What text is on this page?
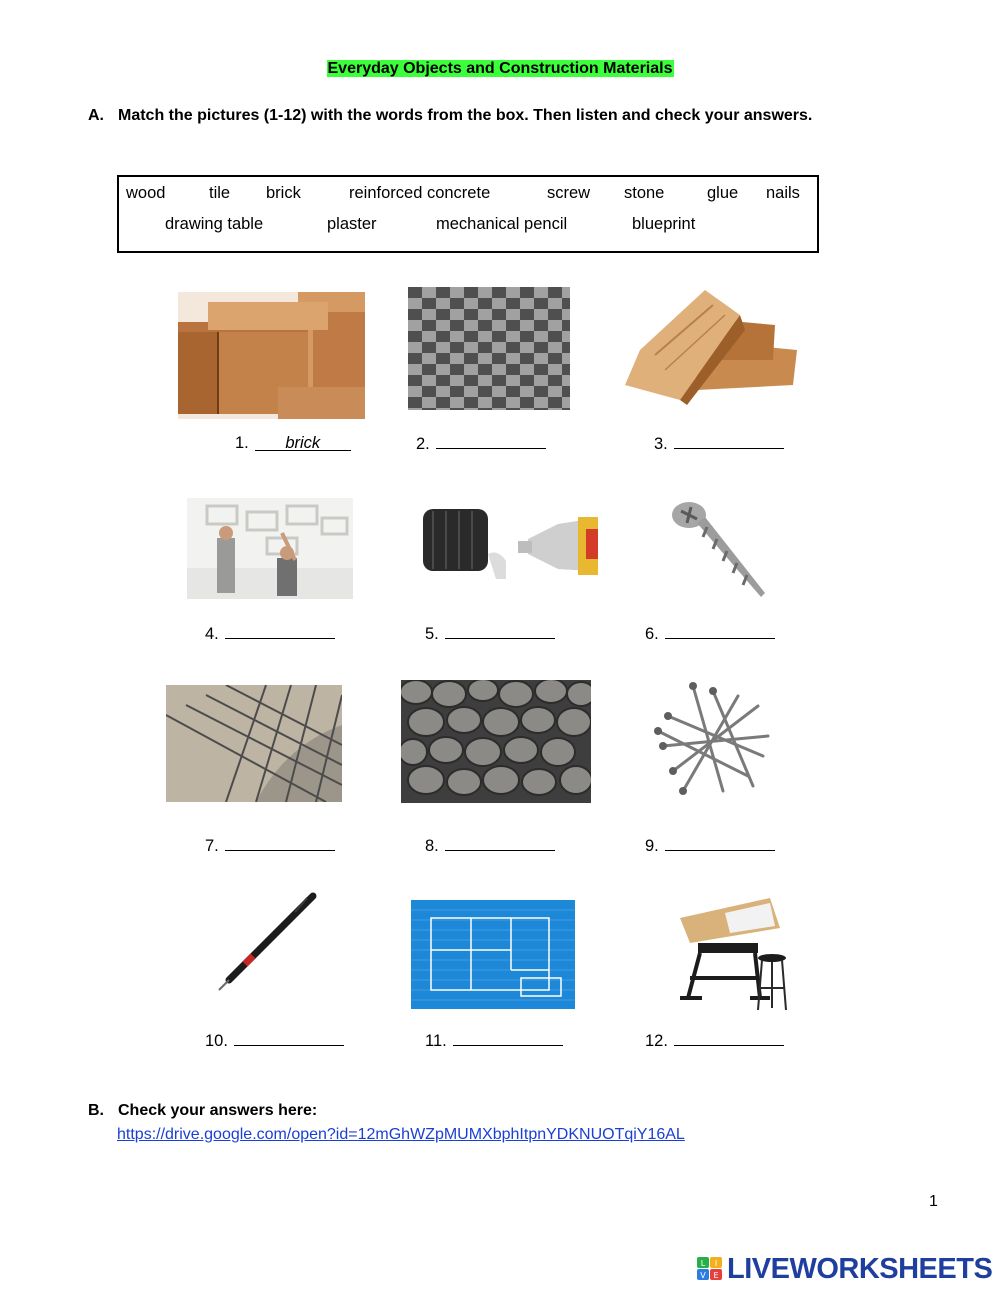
Everyday Objects and Construction Materials
A. Match the pictures (1-12) with the words from the box. Then listen and check your answers.
wood	tile brick	reinforced concrete	screw stone	glue nails
drawing table	plaster	mechanical pencil	blueprint
1. brick	2.	3.
4.	5.	6.
7.	8.	9.
10.	11.	12.
B. Check your answers here:
https://drive.google.com/open?id=12mGhWZpMUMXbphItpnYDKNUOTqiY16AL
1
L I
V E LIVEWORKSHEETS
